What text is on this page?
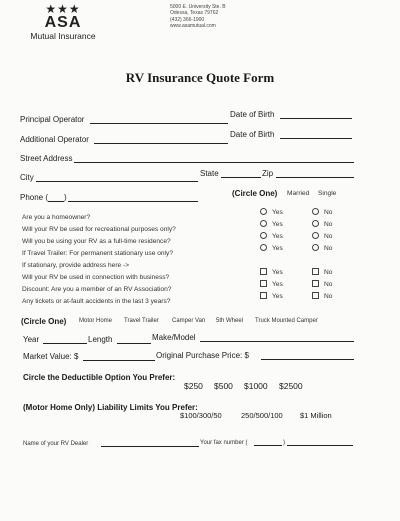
★★★
ASA
Mutual Insurance
5000 E. University Ste. B
Odessa, Texas 79762
(432) 366-1900
www.asamutual.com
RV Insurance Quote Form
Principal Operator
Date of Birth
Additional Operator
Date of Birth
Street Address
City	State	Zip
Phone ( )	(Circle One) Married Single
Are you a homeowner?
Yes	No
Will your RV be used for recreational purposes only?
Yes	No
Will you be using your RV as a full-time residence?
Yes	No
If Travel Trailer: For permanent stationary use only?
Yes	No
If stationary, provide address here ->
Will your RV be used in connection with business?
Yes	No
Discount: Are you a member of an RV Association?
Yes	No
Any tickets or at-fault accidents in the last 3 years?
Yes	No
(Circle One) Motor Home Travel Trailer Camper Van 5th Wheel Truck Mounted Camper
Year	Length	Make/Model
Market Value: $	Original Purchase Price: $
Circle the Deductible Option You Prefer:
$250 $500 $1000 $2500
(Motor Home Only) Liability Limits You Prefer:
$100/300/50	250/500/100 $1 Million
Name of your RV Dealer	Your fax number (	)
